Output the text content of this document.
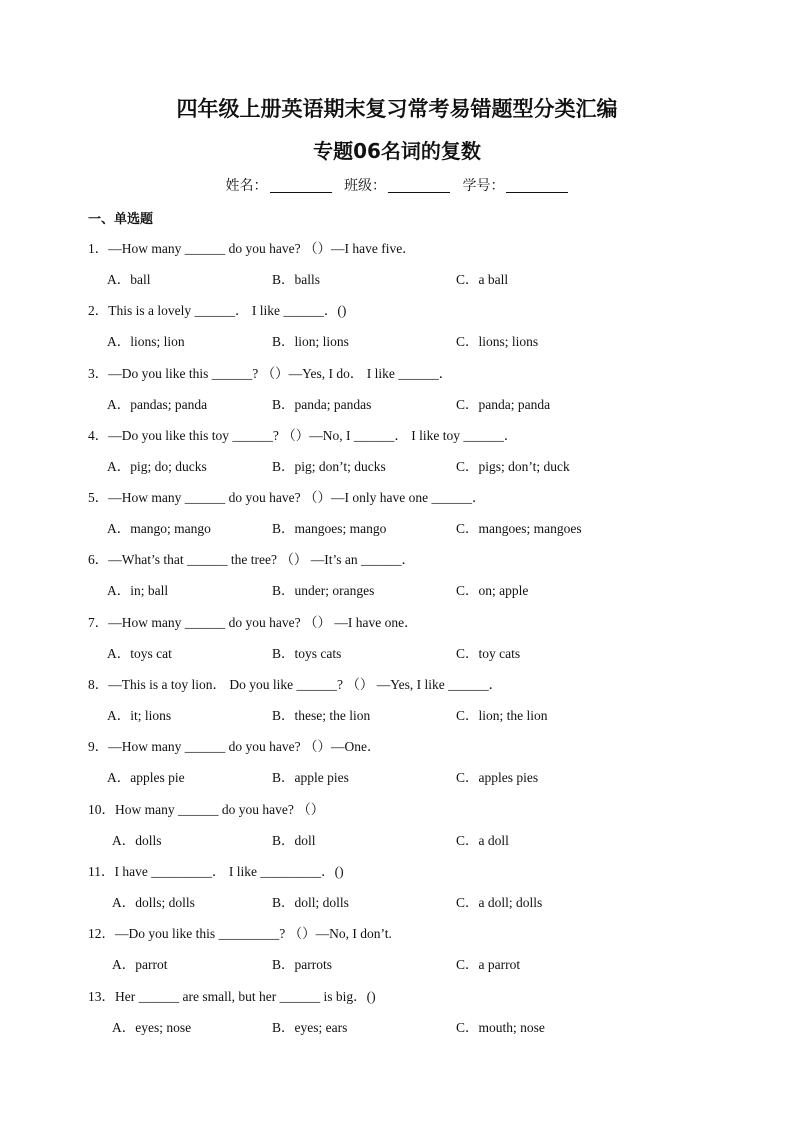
四年级上册英语期末复习常考易错题型分类汇编
专题06名词的复数
姓名：	班级：	学号：
一、单选题
1．—How many ______ do you have? （）—I have five．
A．ball	B．balls	C．a ball
2．This is a lovely ______． I like ______．()
A．lions; lion	B．lion; lions	C．lions; lions
3．—Do you like this ______? （）—Yes, I do． I like ______．
A．pandas; panda	B．panda; pandas	C．panda; panda
4．—Do you like this toy ______? （）—No, I ______． I like toy ______．
A．pig; do; ducks	B．pig; don’t; ducks	C．pigs; don’t; duck
5．—How many ______ do you have? （）—I only have one ______．
A．mango; mango	B．mangoes; mango	C．mangoes; mangoes
6．—What’s that ______ the tree? （） —It’s an ______．
A．in; ball	B．under; oranges	C．on; apple
7．—How many ______ do you have? （） —I have one．
A．toys cat	B．toys cats	C．toy cats
8．—This is a toy lion． Do you like ______? （） —Yes, I like ______．
A．it; lions	B．these; the lion	C．lion; the lion
9．—How many ______ do you have? （）—One．
A．apples pie	B．apple pies	C．apples pies
10．How many ______ do you have? （）
A．dolls	B．doll	C．a doll
11．I have _________． I like _________．()
A．dolls; dolls	B．doll; dolls	C．a doll; dolls
12．—Do you like this _________? （）—No, I don’t.
A．parrot	B．parrots	C．a parrot
13．Her ______ are small, but her ______ is big．()
A．eyes; nose	B．eyes; ears	C．mouth; nose
